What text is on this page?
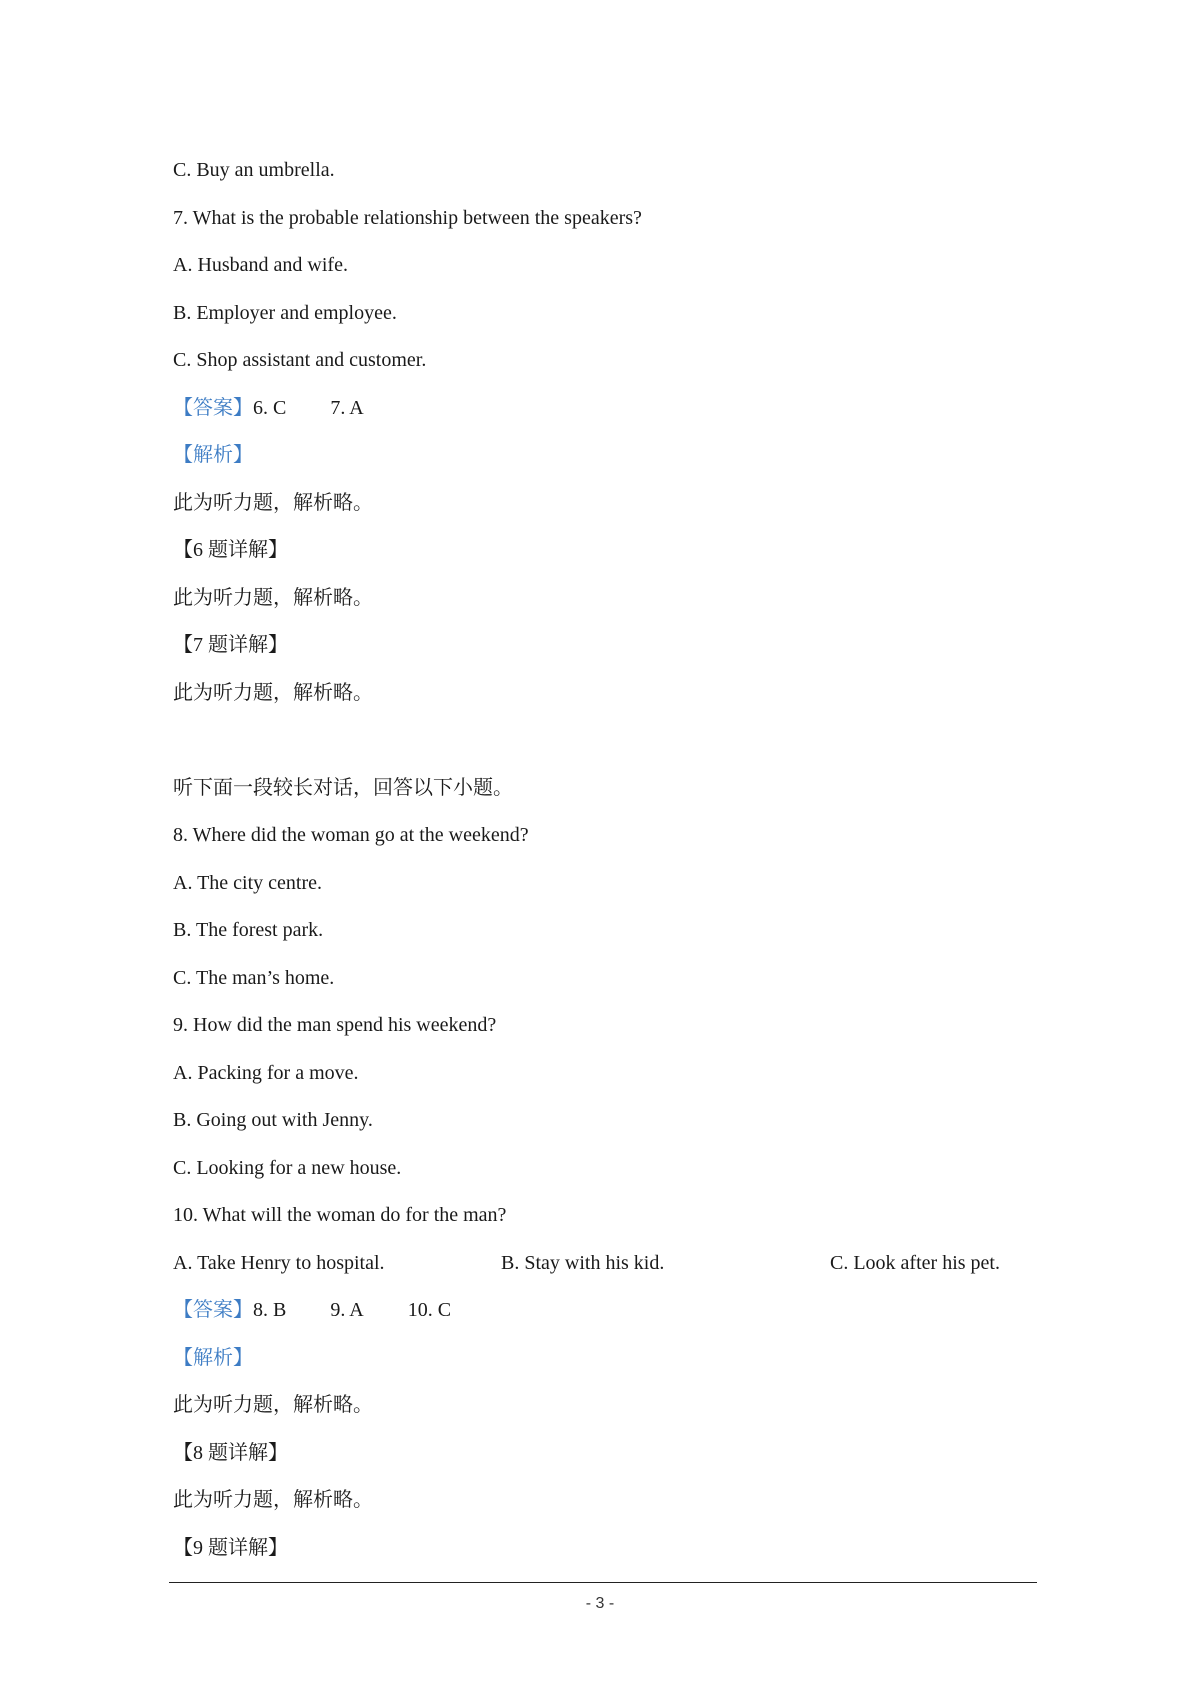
C. Buy an umbrella.
7. What is the probable relationship between the speakers?
A. Husband and wife.
B. Employer and employee.
C. Shop assistant and customer.
【答案】6. C 7. A
【解析】
此为听力题，解析略。
【6 题详解】
此为听力题，解析略。
【7 题详解】
此为听力题，解析略。
听下面一段较长对话，回答以下小题。
8. Where did the woman go at the weekend?
A. The city centre.
B. The forest park.
C. The man’s home.
9. How did the man spend his weekend?
A. Packing for a move.
B. Going out with Jenny.
C. Looking for a new house.
10. What will the woman do for the man?
A. Take Henry to hospital.	B. Stay with his kid.	C. Look after his pet.
【答案】8. B 9. A 10. C
【解析】
此为听力题，解析略。
【8 题详解】
此为听力题，解析略。
【9 题详解】
- 3 -
